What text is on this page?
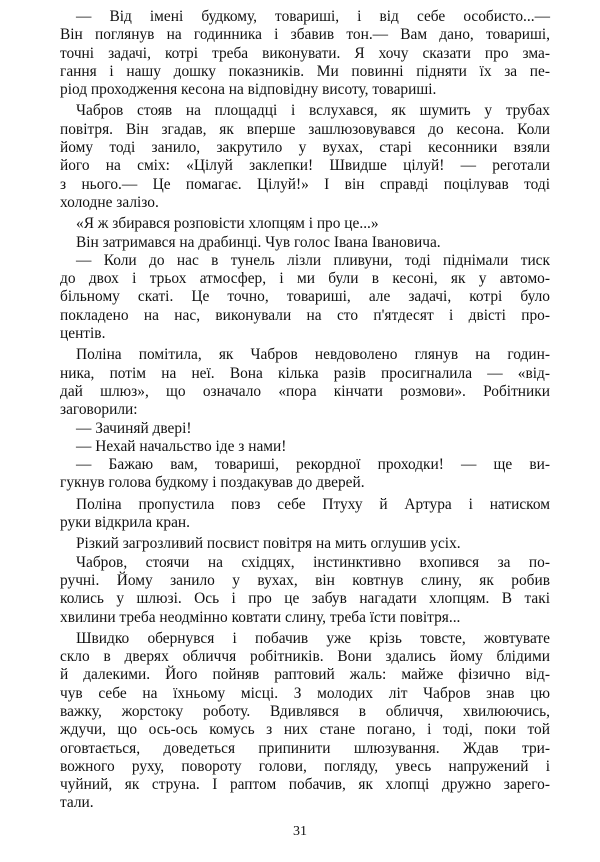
— Від імені будкому, товариші, і від себе особисто...—
Він поглянув на годинника і збавив тон.— Вам дано, товариші,
точні задачі, котрі треба виконувати. Я хочу сказати про зма-
гання і нашу дошку показників. Ми повинні підняти їх за пе-
ріод проходження кесона на відповідну висоту, товариші.
Чабров стояв на площадці і вслухався, як шумить у трубах
повітря. Він згадав, як вперше зашлюзовувався до кесона. Коли
йому тоді занило, закрутило у вухах, старі кесонники взяли
його на сміх: «Цілуй заклепки! Швидше цілуй! — реготали
з нього.— Це помагає. Цілуй!» І він справді поцілував тоді
холодне залізо.
«Я ж збирався розповісти хлопцям і про це...»
Він затримався на драбинці. Чув голос Івана Івановича.
— Коли до нас в тунель лізли пливуни, тоді піднімали тиск
до двох і трьох атмосфер, і ми були в кесоні, як у автомо-
більному скаті. Це точно, товариші, але задачі, котрі було
покладено на нас, виконували на сто п'ятдесят і двісті про-
центів.
Поліна помітила, як Чабров невдоволено глянув на годин-
ника, потім на неї. Вона кілька разів просигналила — «від-
дай шлюз», що означало «пора кінчати розмови». Робітники
заговорили:
— Зачиняй двері!
— Нехай начальство іде з нами!
— Бажаю вам, товариші, рекордної проходки! — ще ви-
гукнув голова будкому і поздакував до дверей.
Поліна пропустила повз себе Птуху й Артура і натиском
руки відкрила кран.
Різкий загрозливий посвист повітря на мить оглушив усіх.
Чабров, стоячи на східцях, інстинктивно вхопився за по-
ручні. Йому занило у вухах, він ковтнув слину, як робив
колись у шлюзі. Ось і про це забув нагадати хлопцям. В такі
хвилини треба неодмінно ковтати слину, треба їсти повітря...
Швидко обернувся і побачив уже крізь товсте, жовтувате
скло в дверях обличчя робітників. Вони здались йому блідими
й далекими. Його пойняв раптовий жаль: майже фізично від-
чув себе на їхньому місці. З молодих літ Чабров знав цю
важку, жорстоку роботу. Вдивлявся в обличчя, хвилюючись,
ждучи, що ось-ось комусь з них стане погано, і тоді, поки той
оговтається, доведеться припинити шлюзування. Ждав три-
вожного руху, повороту голови, погляду, увесь напружений і
чуйний, як струна. І раптом побачив, як хлопці дружно зарего-
тали.
31
